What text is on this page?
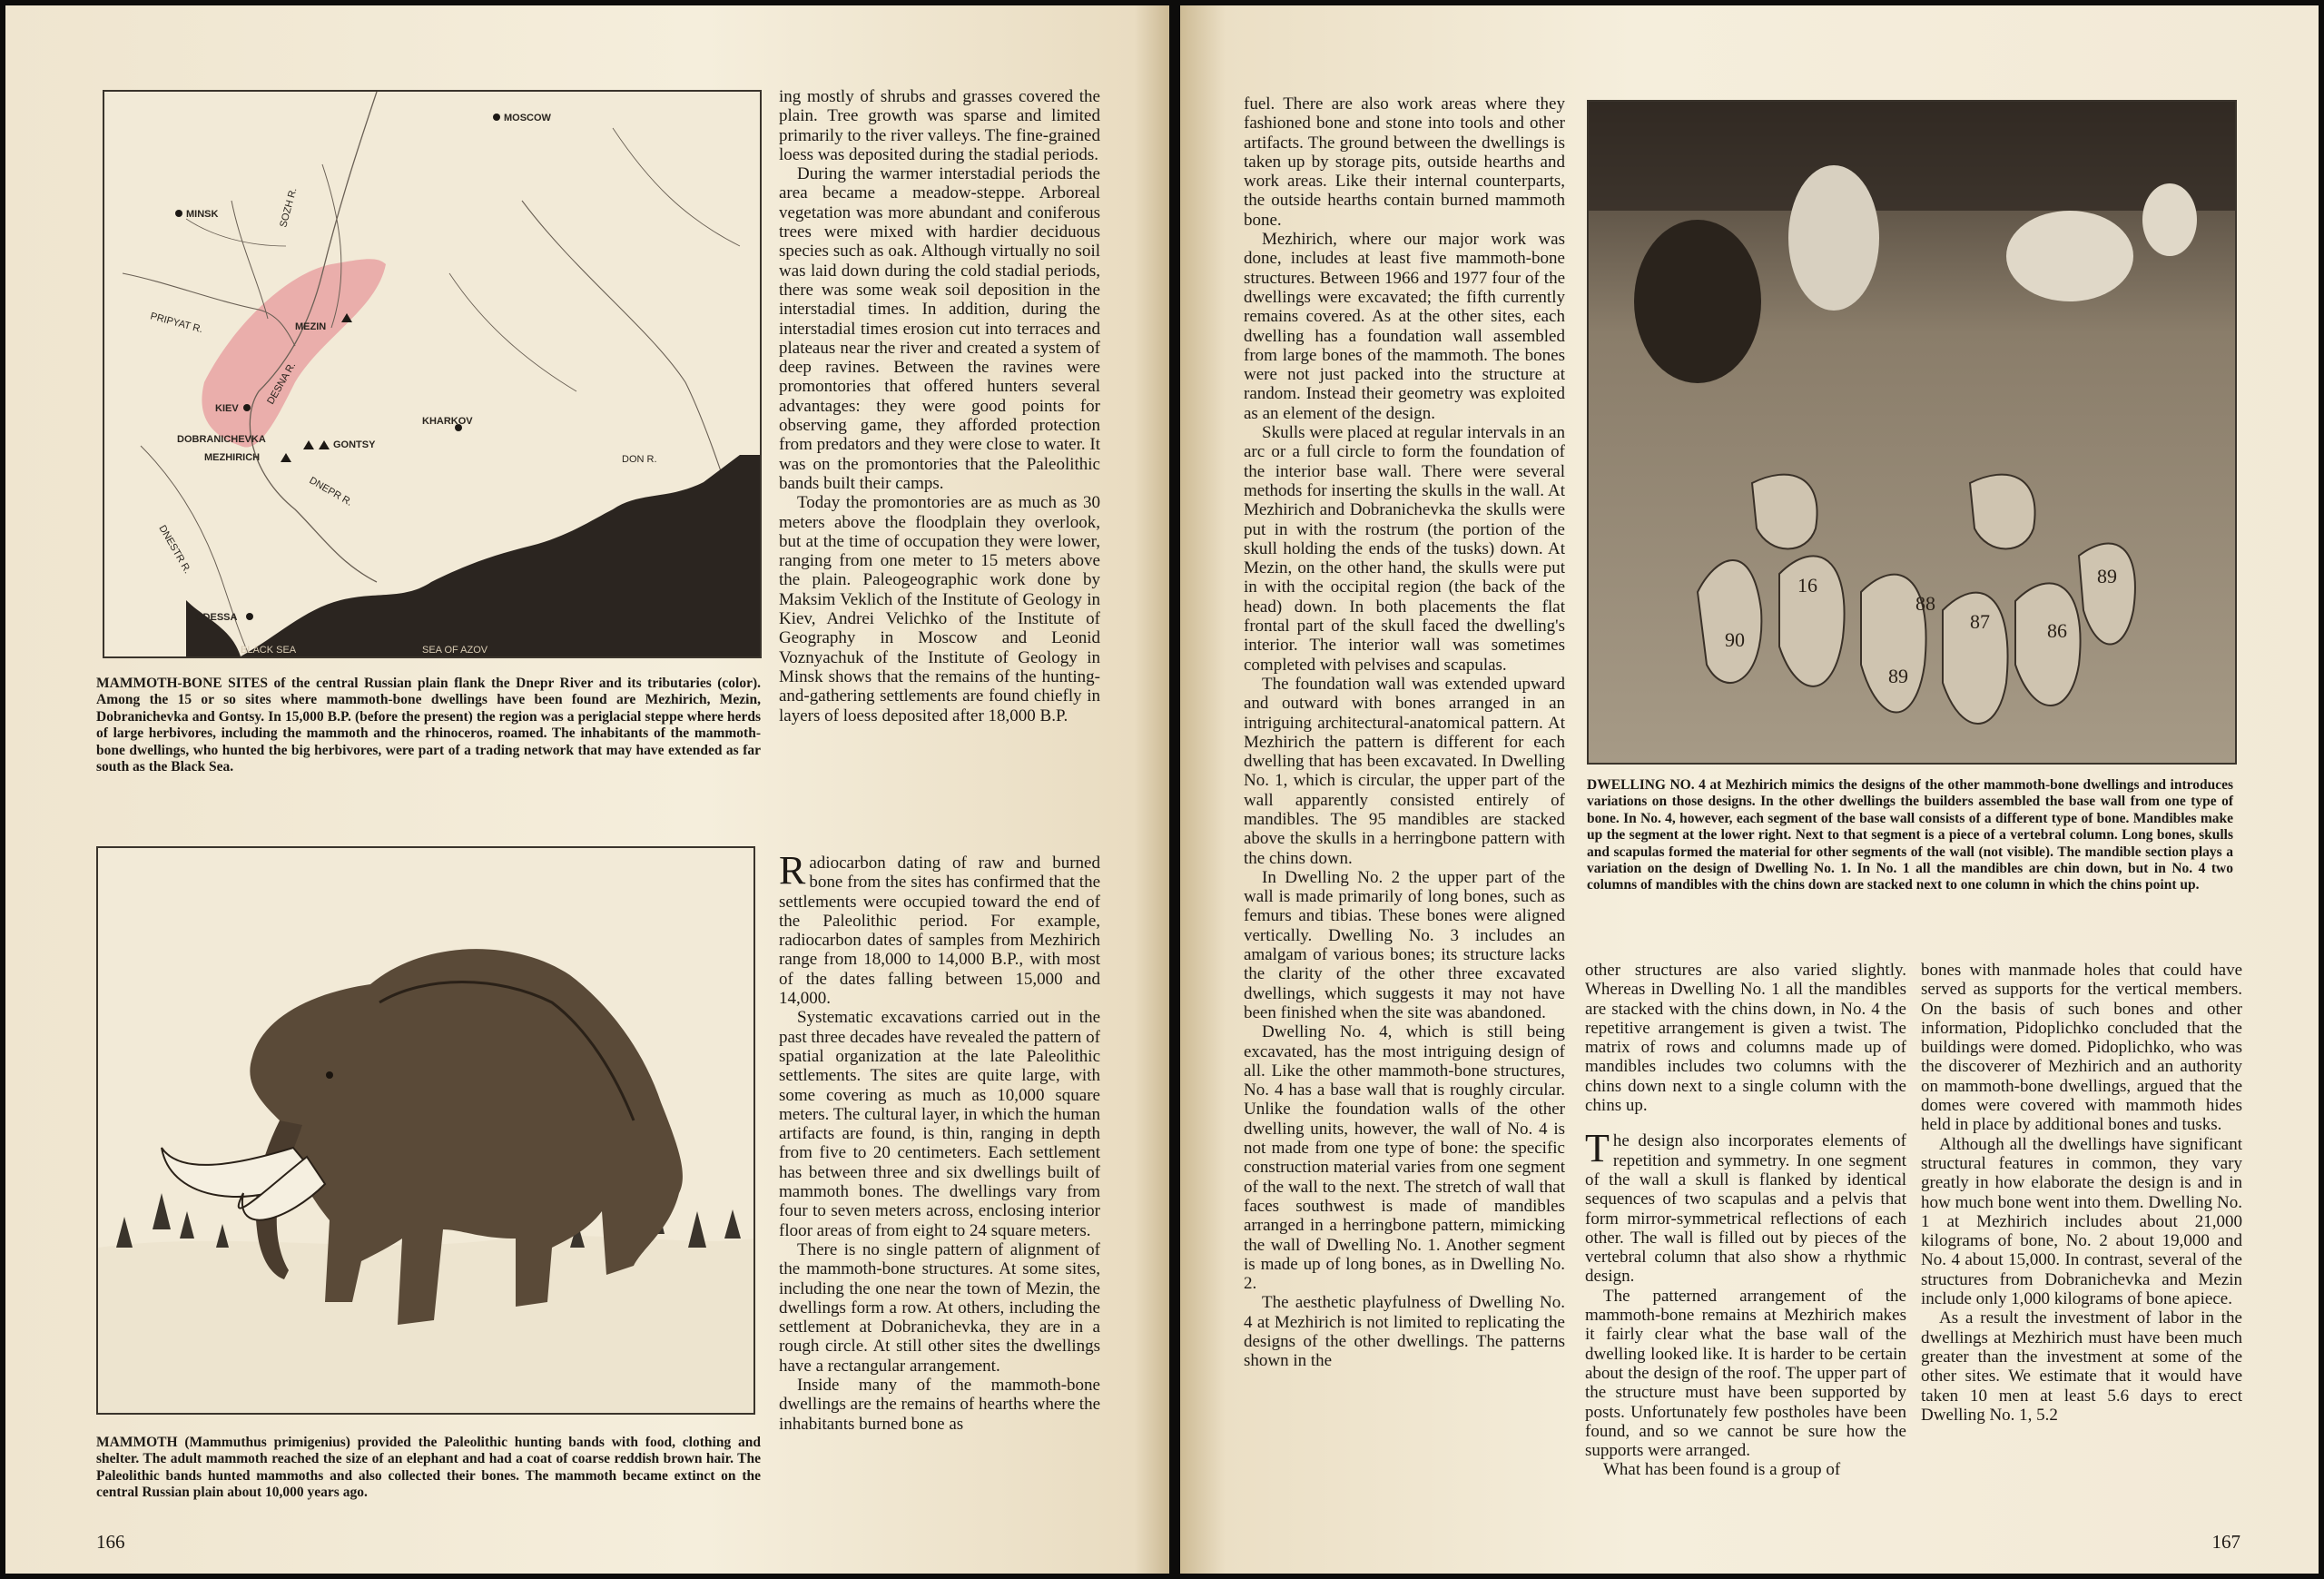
MOSCOW
MINSK
KIEV
KHARKOV
ODESSA
MEZIN
DOBRANICHEVKA	GONTSY
MEZHIRICH
SOZH R.
PRIPYAT R.
DESNA R.
DNEPR R.
DON R.
DNESTR R.
BLACK SEA	SEA OF AZOV
MAMMOTH-BONE SITES of the central Russian plain flank the Dnepr River and its tributaries (color). Among the 15 or so sites where mammoth-bone dwellings have been found are Mezhirich, Mezin, Dobranichevka and Gontsy. In 15,000 B.P. (before the present) the region was a periglacial steppe where herds of large herbivores, including the mammoth and the rhinoceros, roamed. The inhabitants of the mammoth-bone dwellings, who hunted the big herbivores, were part of a trading network that may have extended as far south as the Black Sea.
MAMMOTH (Mammuthus primigenius) provided the Paleolithic hunting bands with food, clothing and shelter. The adult mammoth reached the size of an elephant and had a coat of coarse reddish brown hair. The Paleolithic bands hunted mammoths and also collected their bones. The mammoth became extinct on the central Russian plain about 10,000 years ago.

ing mostly of shrubs and grasses covered the plain. Tree growth was sparse and limited primarily to the river valleys. The fine-grained loess was deposited during the stadial periods.

During the warmer interstadial periods the area became a meadow-steppe. Arboreal vegetation was more abundant and coniferous trees were mixed with hardier deciduous species such as oak. Although virtually no soil was laid down during the cold stadial periods, there was some weak soil deposition in the interstadial times. In addition, during the interstadial times erosion cut into terraces and plateaus near the river and created a system of deep ravines. Between the ravines were promontories that offered hunters several advantages: they were good points for observing game, they afforded protection from predators and they were close to water. It was on the promontories that the Paleolithic bands built their camps.

Today the promontories are as much as 30 meters above the floodplain they overlook, but at the time of occupation they were lower, ranging from one meter to 15 meters above the plain. Paleogeographic work done by Maksim Veklich of the Institute of Geology in Kiev, Andrei Velichko of the Institute of Geography in Moscow and Leonid Voznyachuk of the Institute of Geology in Minsk shows that the remains of the hunting-and-gathering settlements are found chiefly in layers of loess deposited after 18,000 B.P.

Radiocarbon dating of raw and burned bone from the sites has confirmed that the settlements were occupied toward the end of the Paleolithic period. For example, radiocarbon dates of samples from Mezhirich range from 18,000 to 14,000 B.P., with most of the dates falling between 15,000 and 14,000.

Systematic excavations carried out in the past three decades have revealed the pattern of spatial organization at the late Paleolithic settlements. The sites are quite large, with some covering as much as 10,000 square meters. The cultural layer, in which the human artifacts are found, is thin, ranging in depth from five to 20 centimeters. Each settlement has between three and six dwellings built of mammoth bones. The dwellings vary from four to seven meters across, enclosing interior floor areas of from eight to 24 square meters.

There is no single pattern of alignment of the mammoth-bone structures. At some sites, including the one near the town of Mezin, the dwellings form a row. At others, including the settlement at Dobranichevka, they are in a rough circle. At still other sites the dwellings have a rectangular arrangement.

Inside many of the mammoth-bone dwellings are the remains of hearths where the inhabitants burned bone as

166

fuel. There are also work areas where they fashioned bone and stone into tools and other artifacts. The ground between the dwellings is taken up by storage pits, outside hearths and work areas. Like their internal counterparts, the outside hearths contain burned mammoth bone.

Mezhirich, where our major work was done, includes at least five mammoth-bone structures. Between 1966 and 1977 four of the dwellings were excavated; the fifth currently remains covered. As at the other sites, each dwelling has a foundation wall assembled from large bones of the mammoth. The bones were not just packed into the structure at random. Instead their geometry was exploited as an element of the design.

Skulls were placed at regular intervals in an arc or a full circle to form the foundation of the interior base wall. There were several methods for inserting the skulls in the wall. At Mezhirich and Dobranichevka the skulls were put in with the rostrum (the portion of the skull holding the ends of the tusks) down. At Mezin, on the other hand, the skulls were put in with the occipital region (the back of the head) down. In both placements the flat frontal part of the skull faced the dwelling's interior. The interior wall was sometimes completed with pelvises and scapulas.

The foundation wall was extended upward and outward with bones arranged in an intriguing architectural-anatomical pattern. At Mezhirich the pattern is different for each dwelling that has been excavated. In Dwelling No. 1, which is circular, the upper part of the wall apparently consisted entirely of mandibles. The 95 mandibles are stacked above the skulls in a herringbone pattern with the chins down.

In Dwelling No. 2 the upper part of the wall is made primarily of long bones, such as femurs and tibias. These bones were aligned vertically. Dwelling No. 3 includes an amalgam of various bones; its structure lacks the clarity of the other three excavated dwellings, which suggests it may not have been finished when the site was abandoned.

Dwelling No. 4, which is still being excavated, has the most intriguing design of all. Like the other mammoth-bone structures, No. 4 has a base wall that is roughly circular. Unlike the foundation walls of the other dwelling units, however, the wall of No. 4 is not made from one type of bone: the specific construction material varies from one segment of the wall to the next. The stretch of wall that faces southwest is made of mandibles arranged in a herringbone pattern, mimicking the wall of Dwelling No. 1. Another segment is made up of long bones, as in Dwelling No. 2.

The aesthetic playfulness of Dwelling No. 4 at Mezhirich is not limited to replicating the designs of the other dwellings. The patterns shown in the

90
16
89
88
87	86
89
DWELLING NO. 4 at Mezhirich mimics the designs of the other mammoth-bone dwellings and introduces variations on those designs. In the other dwellings the builders assembled the base wall from one type of bone. In No. 4, however, each segment of the base wall consists of a different type of bone. Mandibles make up the segment at the lower right. Next to that segment is a piece of a vertebral column. Long bones, skulls and scapulas formed the material for other segments of the wall (not visible). The mandible section plays a variation on the design of Dwelling No. 1. In No. 1 all the mandibles are chin down, but in No. 4 two columns of mandibles with the chins down are stacked next to one column in which the chins point up.

other structures are also varied slightly. Whereas in Dwelling No. 1 all the mandibles are stacked with the chins down, in No. 4 the repetitive arrangement is given a twist. The matrix of rows and columns made up of mandibles includes two columns with the chins down next to a single column with the chins up.

The design also incorporates elements of repetition and symmetry. In one segment of the wall a skull is flanked by identical sequences of two scapulas and a pelvis that form mirror-symmetrical reflections of each other. The wall is filled out by pieces of the vertebral column that also show a rhythmic design.

The patterned arrangement of the mammoth-bone remains at Mezhirich makes it fairly clear what the base wall of the dwelling looked like. It is harder to be certain about the design of the roof. The upper part of the structure must have been supported by posts. Unfortunately few postholes have been found, and so we cannot be sure how the supports were arranged.

What has been found is a group of

bones with manmade holes that could have served as supports for the vertical members. On the basis of such bones and other information, Pidoplichko concluded that the buildings were domed. Pidoplichko, who was the discoverer of Mezhirich and an authority on mammoth-bone dwellings, argued that the domes were covered with mammoth hides held in place by additional bones and tusks.

Although all the dwellings have significant structural features in common, they vary greatly in how elaborate the design is and in how much bone went into them. Dwelling No. 1 at Mezhirich includes about 21,000 kilograms of bone, No. 2 about 19,000 and No. 4 about 15,000. In contrast, several of the structures from Dobranichevka and Mezin include only 1,000 kilograms of bone apiece.

As a result the investment of labor in the dwellings at Mezhirich must have been much greater than the investment at some of the other sites. We estimate that it would have taken 10 men at least 5.6 days to erect Dwelling No. 1, 5.2

167
